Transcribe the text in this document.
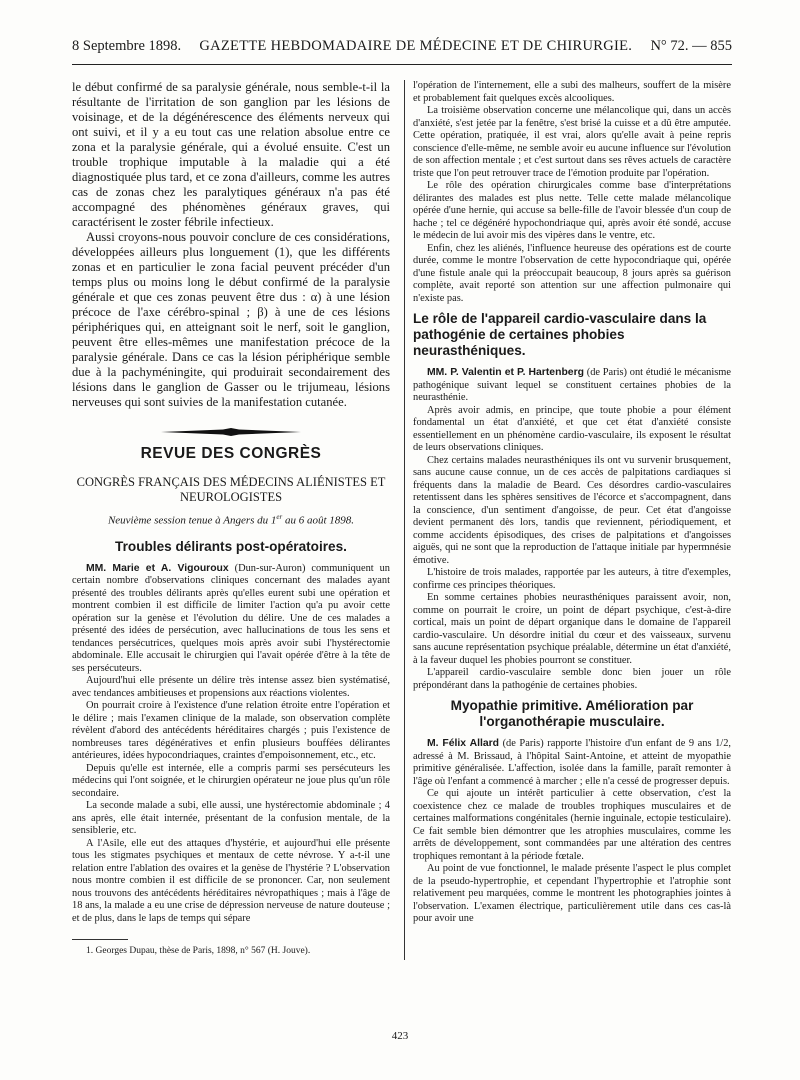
8 Septembre 1898. GAZETTE HEBDOMADAIRE DE MÉDECINE ET DE CHIRURGIE. N° 72. — 855

le début confirmé de sa paralysie générale, nous semble-t-il la résultante de l'irritation de son ganglion par les lésions de voisinage, et de la dégénérescence des éléments nerveux qui ont suivi, et il y a eu tout cas une relation absolue entre ce zona et la paralysie générale, qui a évolué ensuite. C'est un trouble trophique imputable à la maladie qui a été diagnostiquée plus tard, et ce zona d'ailleurs, comme les autres cas de zonas chez les paralytiques généraux n'a pas été accompagné des phénomènes généraux graves, qui caractérisent le zoster fébrile infectieux.

Aussi croyons-nous pouvoir conclure de ces considérations, développées ailleurs plus longuement (1), que les différents zonas et en particulier le zona facial peuvent précéder d'un temps plus ou moins long le début confirmé de la paralysie générale et que ces zonas peuvent être dus : α) à une lésion précoce de l'axe cérébro-spinal ; β) à une de ces lésions périphériques qui, en atteignant soit le nerf, soit le ganglion, peuvent être elles-mêmes une manifestation précoce de la paralysie générale. Dans ce cas la lésion périphérique semble due à la pachyméningite, qui produirait secondairement des lésions dans le ganglion de Gasser ou le trijumeau, lésions nerveuses qui sont suivies de la manifestation cutanée.

REVUE DES CONGRÈS
CONGRÈS FRANÇAIS DES MÉDECINS ALIÉNISTES ET NEUROLOGISTES
Neuvième session tenue à Angers du 1er au 6 août 1898.
Troubles délirants post-opératoires.

MM. Marie et A. Vigouroux (Dun-sur-Auron) communiquent un certain nombre d'observations cliniques concernant des malades ayant présenté des troubles délirants après qu'elles eurent subi une opération et montrent combien il est difficile de limiter l'action qu'a pu avoir cette opération sur la genèse et l'évolution du délire. Une de ces malades a présenté des idées de persécution, avec hallucinations de tous les sens et tendances persécutrices, quelques mois après avoir subi l'hystérectomie abdominale. Elle accusait le chirurgien qui l'avait opérée d'être à la tête de ses persécuteurs.

Aujourd'hui elle présente un délire très intense assez bien systématisé, avec tendances ambitieuses et propensions aux réactions violentes.

On pourrait croire à l'existence d'une relation étroite entre l'opération et le délire ; mais l'examen clinique de la malade, son observation complète révèlent d'abord des antécédents héréditaires chargés ; puis l'existence de nombreuses tares dégénératives et enfin plusieurs bouffées délirantes antérieures, idées hypocondriaques, craintes d'empoisonnement, etc., etc.

Depuis qu'elle est internée, elle a compris parmi ses persécuteurs les médecins qui l'ont soignée, et le chirurgien opérateur ne joue plus qu'un rôle secondaire.

La seconde malade a subi, elle aussi, une hystérectomie abdominale ; 4 ans après, elle était internée, présentant de la confusion mentale, de la sensiblerie, etc.

A l'Asile, elle eut des attaques d'hystérie, et aujourd'hui elle présente tous les stigmates psychiques et mentaux de cette névrose. Y a-t-il une relation entre l'ablation des ovaires et la genèse de l'hystérie ? L'observation nous montre combien il est difficile de se prononcer. Car, non seulement nous trouvons des antécédents héréditaires névropathiques ; mais à l'âge de 18 ans, la malade a eu une crise de dépression nerveuse de nature douteuse ; et de plus, dans le laps de temps qui sépare

1. Georges Dupau, thèse de Paris, 1898, n° 567 (H. Jouve).

l'opération de l'internement, elle a subi des malheurs, souffert de la misère et probablement fait quelques excès alcooliques.

La troisième observation concerne une mélancolique qui, dans un accès d'anxiété, s'est jetée par la fenêtre, s'est brisé la cuisse et a dû être amputée. Cette opération, pratiquée, il est vrai, alors qu'elle avait à peine repris conscience d'elle-même, ne semble avoir eu aucune influence sur l'évolution de son affection mentale ; et c'est surtout dans ses rêves actuels de caractère triste que l'on peut retrouver trace de l'émotion produite par l'opération.

Le rôle des opération chirurgicales comme base d'interprétations délirantes des malades est plus nette. Telle cette malade mélancolique opérée d'une hernie, qui accuse sa belle-fille de l'avoir blessée d'un coup de hache ; tel ce dégénéré hypochondriaque qui, après avoir été sondé, accuse le médecin de lui avoir mis des vipères dans le ventre, etc.

Enfin, chez les aliénés, l'influence heureuse des opérations est de courte durée, comme le montre l'observation de cette hypocondriaque qui, opérée d'une fistule anale qui la préoccupait beaucoup, 8 jours après sa guérison complète, avait reporté son attention sur une affection pulmonaire qui n'existe pas.

Le rôle de l'appareil cardio-vasculaire dans la pathogénie de certaines phobies neurasthéniques.

MM. P. Valentin et P. Hartenberg (de Paris) ont étudié le mécanisme pathogénique suivant lequel se constituent certaines phobies de la neurasthénie.

Après avoir admis, en principe, que toute phobie a pour élément fondamental un état d'anxiété, et que cet état d'anxiété consiste essentiellement en un phénomène cardio-vasculaire, ils exposent le résultat de leurs observations cliniques.

Chez certains malades neurasthéniques ils ont vu survenir brusquement, sans aucune cause connue, un de ces accès de palpitations cardiaques si fréquents dans la maladie de Beard. Ces désordres cardio-vasculaires retentissent dans les sphères sensitives de l'écorce et s'accompagnent, dans la conscience, d'un sentiment d'angoisse, de peur. Cet état d'angoisse devient permanent dès lors, tandis que reviennent, périodiquement, et comme accidents épisodiques, des crises de palpitations et d'angoisses aiguës, qui ne sont que la reproduction de l'attaque initiale par hypermnésie émotive.

L'histoire de trois malades, rapportée par les auteurs, à titre d'exemples, confirme ces principes théoriques.

En somme certaines phobies neurasthéniques paraissent avoir, non, comme on pourrait le croire, un point de départ psychique, c'est-à-dire cortical, mais un point de départ organique dans le domaine de l'appareil cardio-vasculaire. Un désordre initial du cœur et des vaisseaux, survenu sans aucune représentation psychique préalable, détermine un état d'anxiété, à la faveur duquel les phobies pourront se constituer.

L'appareil cardio-vasculaire semble donc bien jouer un rôle prépondérant dans la pathogénie de certaines phobies.

Myopathie primitive. Amélioration par l'organothérapie musculaire.

M. Félix Allard (de Paris) rapporte l'histoire d'un enfant de 9 ans 1/2, adressé à M. Brissaud, à l'hôpital Saint-Antoine, et atteint de myopathie primitive généralisée. L'affection, isolée dans la famille, paraît remonter à l'âge où l'enfant a commencé à marcher ; elle n'a cessé de progresser depuis.

Ce qui ajoute un intérêt particulier à cette observation, c'est la coexistence chez ce malade de troubles trophiques musculaires et de certaines malformations congénitales (hernie inguinale, ectopie testiculaire). Ce fait semble bien démontrer que les atrophies musculaires, comme les arrêts de développement, sont commandées par une altération des centres trophiques remontant à la période fœtale.

Au point de vue fonctionnel, le malade présente l'aspect le plus complet de la pseudo-hypertrophie, et cependant l'hypertrophie et l'atrophie sont relativement peu marquées, comme le montrent les photographies jointes à l'observation. L'examen électrique, particulièrement utile dans ces cas-là pour avoir une

423
